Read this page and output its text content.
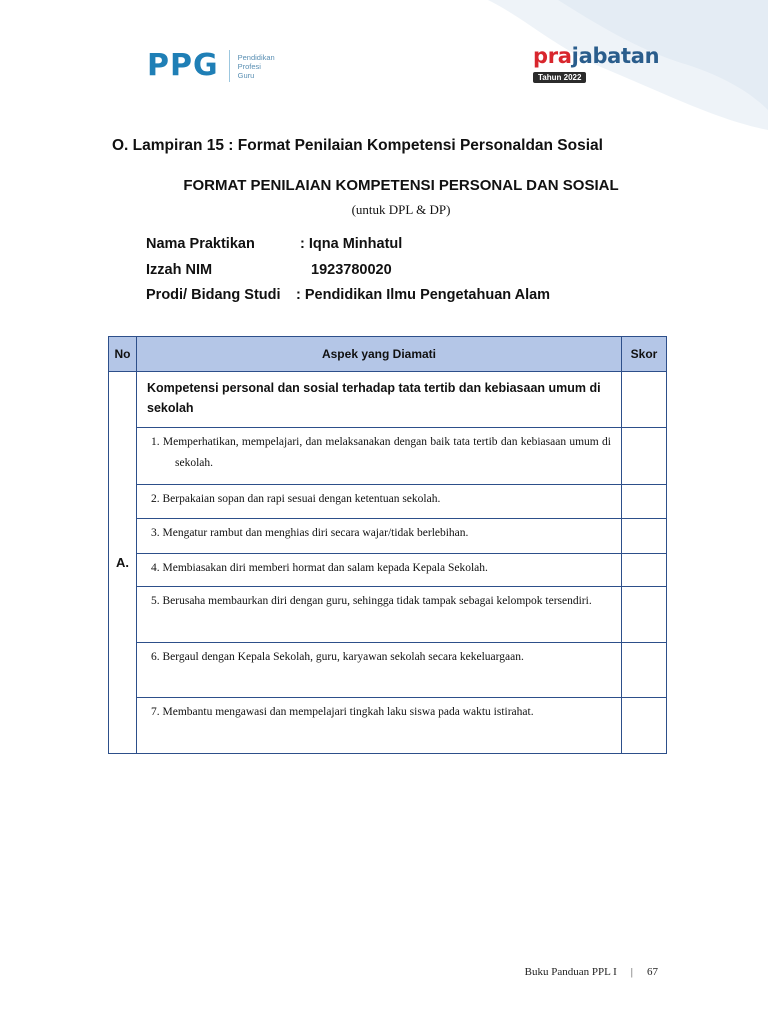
PPG	Pendidikan
Profesi
Guru
prajabatan
Tahun 2022
O. Lampiran 15 : Format Penilaian Kompetensi Personaldan Sosial
FORMAT PENILAIAN KOMPETENSI PERSONAL DAN SOSIAL
(untuk DPL & DP)
Nama Praktikan	: Iqna Minhatul
Izzah NIM	1923780020
Prodi/ Bidang Studi : Pendidikan Ilmu Pengetahuan Alam
No	Aspek yang Diamati	Skor
A.	Kompetensi personal dan sosial terhadap tata tertib dan kebiasaan umum di sekolah	

	1. Memperhatikan, mempelajari, dan melaksanakan dengan baik tata tertib dan kebiasaan umum di sekolah.	

	2. Berpakaian sopan dan rapi sesuai dengan ketentuan sekolah.	

	3. Mengatur rambut dan menghias diri secara wajar/tidak berlebihan.	

	4. Membiasakan diri memberi hormat dan salam kepada Kepala Sekolah.	

	5. Berusaha membaurkan diri dengan guru, sehingga tidak tampak sebagai kelompok tersendiri.	

	6. Bergaul dengan Kepala Sekolah, guru, karyawan sekolah secara kekeluargaan.	

	7. Membantu mengawasi dan mempelajari tingkah laku siswa pada waktu istirahat.	

Buku Panduan PPL I | 67
